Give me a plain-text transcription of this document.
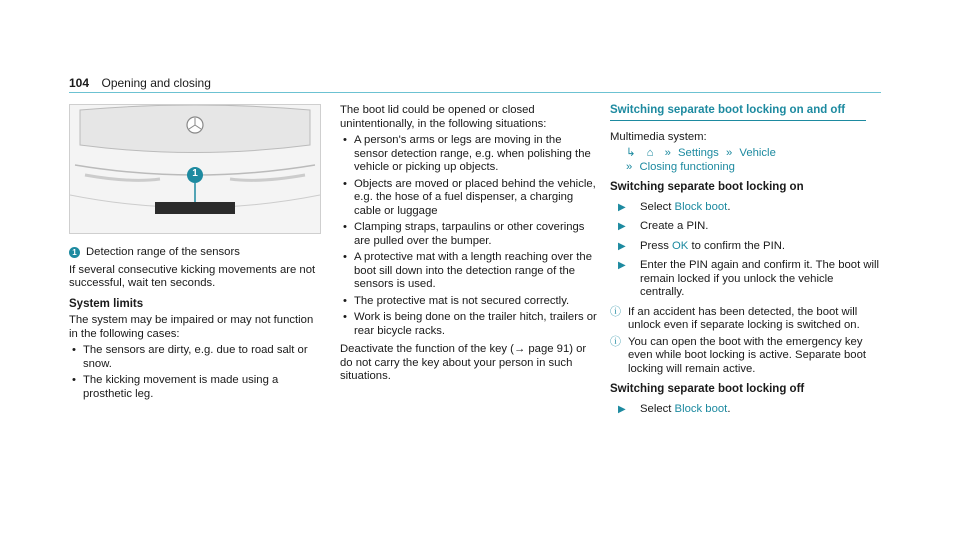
104 Opening and closing
1
1 Detection range of the sensors

If several consecutive kicking movements are not successful, wait ten seconds.

System limits

The system may be impaired or may not function in the following cases:

• The sensors are dirty, e.g. due to road salt or snow.
• The kicking movement is made using a prosthetic leg.

The boot lid could be opened or closed unintentionally, in the following situations:

• A person's arms or legs are moving in the sensor detection range, e.g. when polishing the vehicle or picking up objects.
• Objects are moved or placed behind the vehicle, e.g. the hose of a fuel dispenser, a charging cable or luggage
• Clamping straps, tarpaulins or other coverings are pulled over the bumper.
• A protective mat with a length reaching over the boot sill down into the detection range of the sensors is used.
• The protective mat is not secured correctly.
• Work is being done on the trailer hitch, trailers or rear bicycle racks.

Deactivate the function of the key (→ page 91) or do not carry the key about your person in such situations.

Switching separate boot locking on and off

Multimedia system:

↳ ⌂ » Settings » Vehicle
» Closing functioning
Switching separate boot locking on
▶	Select Block boot.
▶	Create a PIN.
▶	Press OK to confirm the PIN.
▶	Enter the PIN again and confirm it. The boot will remain locked if you unlock the vehicle centrally.
ⓘ If an accident has been detected, the boot will unlock even if separate locking is switched on.
ⓘ You can open the boot with the emergency key even while boot locking is active. Separate boot locking will remain active.
Switching separate boot locking off
▶	Select Block boot.
